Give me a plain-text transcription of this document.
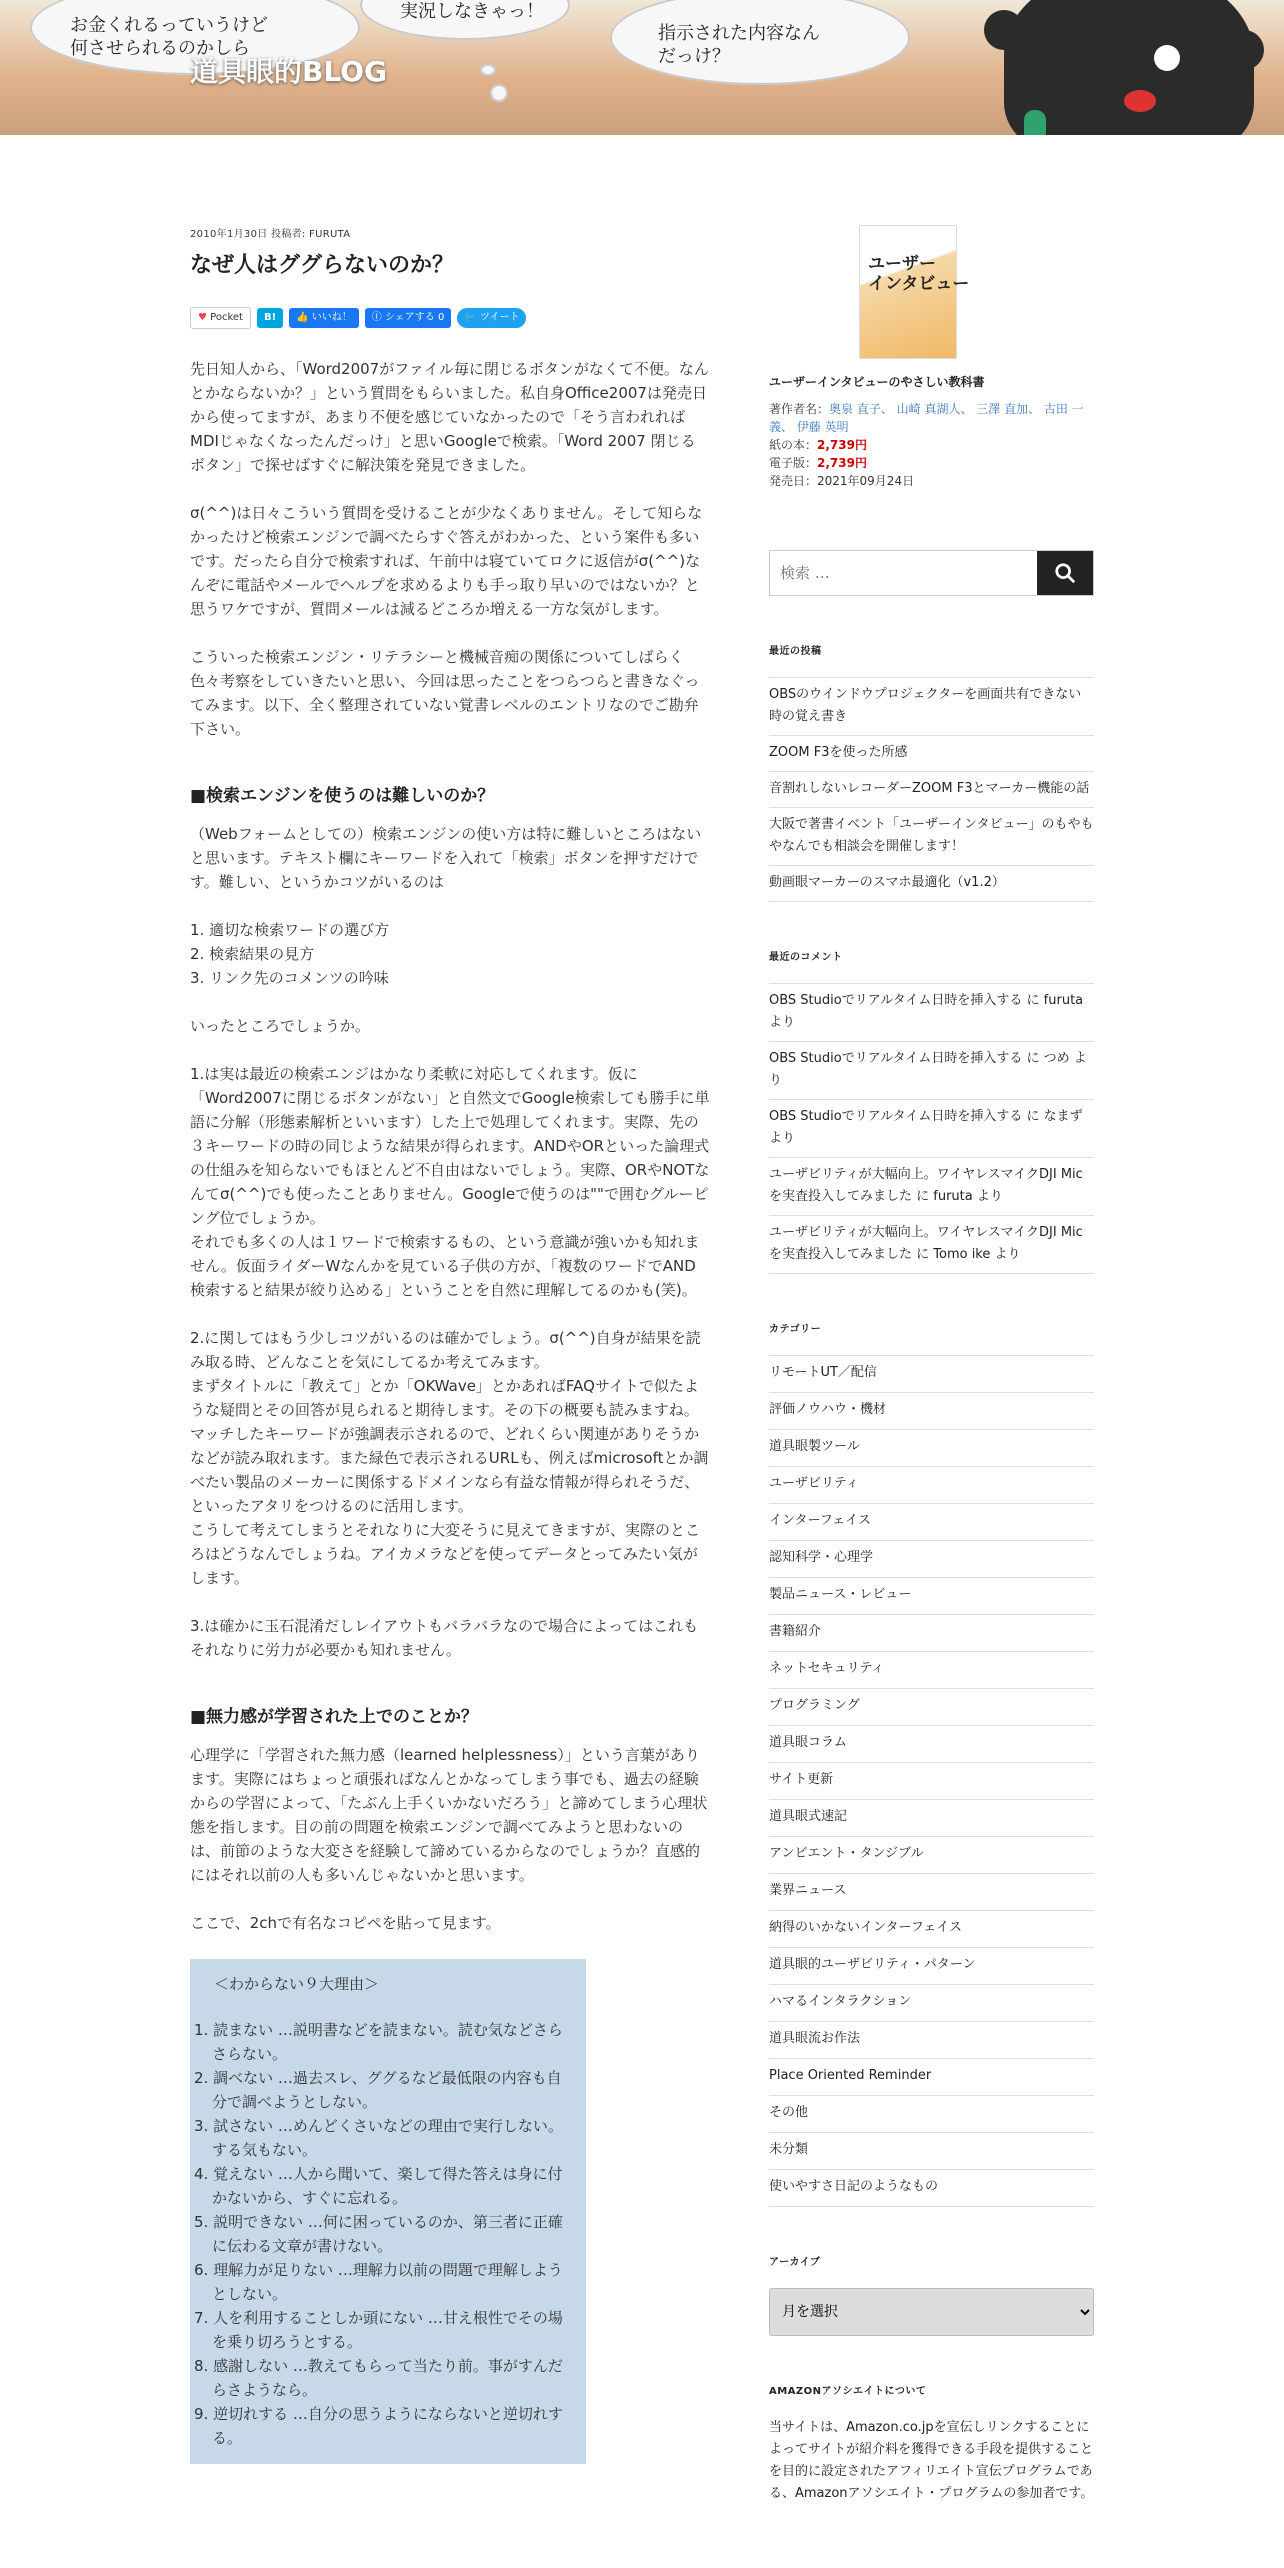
お金くれるっていうけど
何させられるのかしら
実況しなきゃっ！
指示された内容なん
だっけ？
道具眼的BLOG
2010年1月30日 投稿者: FURUTA
なぜ人はググらないのか？
♥ Pocket	B!	👍 いいね！	ⓕ シェアする 0	🐦 ツイート

先日知人から、「Word2007がファイル毎に閉じるボタンがなくて不便。なんとかならないか？」という質問をもらいました。私自身Office2007は発売日から使ってますが、あまり不便を感じていなかったので「そう言われればMDIじゃなくなったんだっけ」と思いGoogleで検索。「Word 2007 閉じるボタン」で探せばすぐに解決策を発見できました。

σ(^^)は日々こういう質問を受けることが少なくありません。そして知らなかったけど検索エンジンで調べたらすぐ答えがわかった、という案件も多いです。だったら自分で検索すれば、午前中は寝ていてロクに返信がσ(^^)なんぞに電話やメールでヘルプを求めるよりも手っ取り早いのではないか？と思うワケですが、質問メールは減るどころか増える一方な気がします。

こういった検索エンジン・リテラシーと機械音痴の関係についてしばらく色々考察をしていきたいと思い、今回は思ったことをつらつらと書きなぐってみます。以下、全く整理されていない覚書レベルのエントリなのでご勘弁下さい。

■検索エンジンを使うのは難しいのか？

（Webフォームとしての）検索エンジンの使い方は特に難しいところはないと思います。テキスト欄にキーワードを入れて「検索」ボタンを押すだけです。難しい、というかコツがいるのは

1. 適切な検索ワードの選び方
2. 検索結果の見方
3. リンク先のコメンツの吟味

いったところでしょうか。

1.は実は最近の検索エンジはかなり柔軟に対応してくれます。仮に「Word2007に閉じるボタンがない」と自然文でGoogle検索しても勝手に単語に分解（形態素解析といいます）した上で処理してくれます。実際、先の３キーワードの時の同じような結果が得られます。ANDやORといった論理式の仕組みを知らないでもほとんど不自由はないでしょう。実際、ORやNOTなんてσ(^^)でも使ったことありません。Googleで使うのは""で囲むグルーピング位でしょうか。
それでも多くの人は１ワードで検索するもの、という意識が強いかも知れません。仮面ライダーWなんかを見ている子供の方が、「複数のワードでAND検索すると結果が絞り込める」ということを自然に理解してるのかも(笑)。

2.に関してはもう少しコツがいるのは確かでしょう。σ(^^)自身が結果を読み取る時、どんなことを気にしてるか考えてみます。
まずタイトルに「教えて」とか「OKWave」とかあればFAQサイトで似たような疑問とその回答が見られると期待します。その下の概要も読みますね。マッチしたキーワードが強調表示されるので、どれくらい関連がありそうかなどが読み取れます。また緑色で表示されるURLも、例えばmicrosoftとか調べたい製品のメーカーに関係するドメインなら有益な情報が得られそうだ、といったアタリをつけるのに活用します。
こうして考えてしまうとそれなりに大変そうに見えてきますが、実際のところはどうなんでしょうね。アイカメラなどを使ってデータとってみたい気がします。

3.は確かに玉石混淆だしレイアウトもバラバラなので場合によってはこれもそれなりに労力が必要かも知れません。

■無力感が学習された上でのことか？

心理学に「学習された無力感（learned helplessness）」という言葉があります。実際にはちょっと頑張ればなんとかなってしまう事でも、過去の経験からの学習によって、「たぶん上手くいかないだろう」と諦めてしまう心理状態を指します。目の前の問題を検索エンジンで調べてみようと思わないのは、前節のような大変さを経験して諦めているからなのでしょうか？直感的にはそれ以前の人も多いんじゃないかと思います。

ここで、2chで有名なコピペを貼って見ます。

＜わからない９大理由＞
1. 読まない …説明書などを読まない。読む気などさらさらない。
2. 調べない …過去スレ、ググるなど最低限の内容も自分で調べようとしない。
3. 試さない …めんどくさいなどの理由で実行しない。する気もない。
4. 覚えない …人から聞いて、楽して得た答えは身に付かないから、すぐに忘れる。
5. 説明できない …何に困っているのか、第三者に正確に伝わる文章が書けない。
6. 理解力が足りない …理解力以前の問題で理解しようとしない。
7. 人を利用することしか頭にない …甘え根性でその場を乗り切ろうとする。
8. 感謝しない …教えてもらって当たり前。事がすんだらさようなら。
9. 逆切れする …自分の思うようにならないと逆切れする。
ユーザー
インタビュー
ユーザーインタビューのやさしい教科書
著作者名：奥泉 直子、 山崎 真湖人、 三澤 直加、 古田 一義、 伊藤 英明
紙の本：2,739円
電子版：2,739円
発売日：2021年09月24日
検索 …
最近の投稿
OBSのウインドウプロジェクターを画面共有できない時の覚え書き
ZOOM F3を使った所感
音割れしないレコーダーZOOM F3とマーカー機能の話
大阪で著書イベント「ユーザーインタビュー」のもやもやなんでも相談会を開催します！
動画眼マーカーのスマホ最適化（v1.2）
最近のコメント
OBS Studioでリアルタイム日時を挿入する に furuta より
OBS Studioでリアルタイム日時を挿入する に つめ より
OBS Studioでリアルタイム日時を挿入する に なまず より
ユーザビリティが大幅向上。ワイヤレスマイクDJI Micを実査投入してみました に furuta より
ユーザビリティが大幅向上。ワイヤレスマイクDJI Micを実査投入してみました に Tomo ike より
カテゴリー
リモートUT／配信
評価ノウハウ・機材
道具眼製ツール
ユーザビリティ
インターフェイス
認知科学・心理学
製品ニュース・レビュー
書籍紹介
ネットセキュリティ
プログラミング
道具眼コラム
サイト更新
道具眼式速記
アンビエント・タンジブル
業界ニュース
納得のいかないインターフェイス
道具眼的ユーザビリティ・パターン
ハマるインタラクション
道具眼流お作法
Place Oriented Reminder
その他
未分類
使いやすさ日記のようなもの
アーカイブ
月を選択
AMAZONアソシエイトについて
当サイトは、Amazon.co.jpを宣伝しリンクすることによってサイトが紹介料を獲得できる手段を提供することを目的に設定されたアフィリエイト宣伝プログラムである、Amazonアソシエイト・プログラムの参加者です。
